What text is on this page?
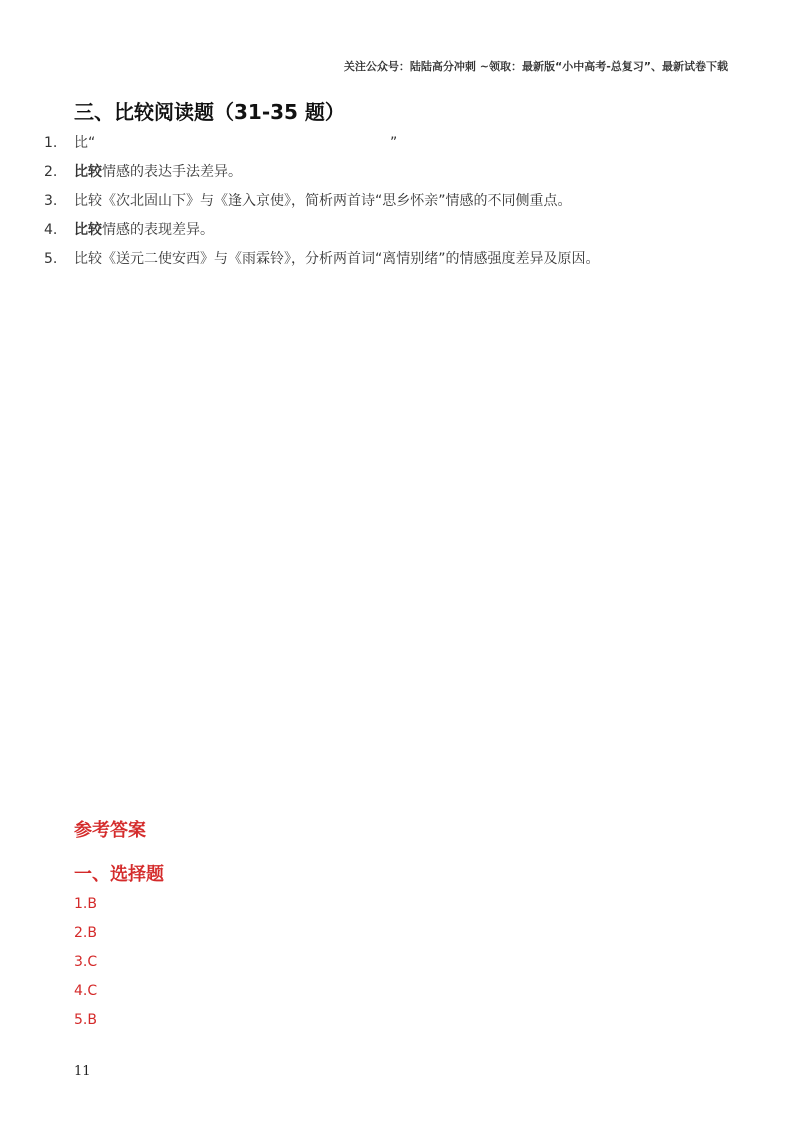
关注公众号：陆陆高分冲刺 ~领取：最新版“小中高考-总复习”、最新试卷下载
三、比较阅读题（31-35 题）
1.	比“	”
2.	比较情感的表达手法差异。
3.	比较《次北固山下》与《逢入京使》，简析两首诗“思乡怀亲”情感的不同侧重点。
4.	比较情感的表现差异。
5.	比较《送元二使安西》与《雨霖铃》，分析两首词“离情别绪”的情感强度差异及原因。
参考答案
一、选择题
1.B
2.B
3.C
4.C
5.B
11
